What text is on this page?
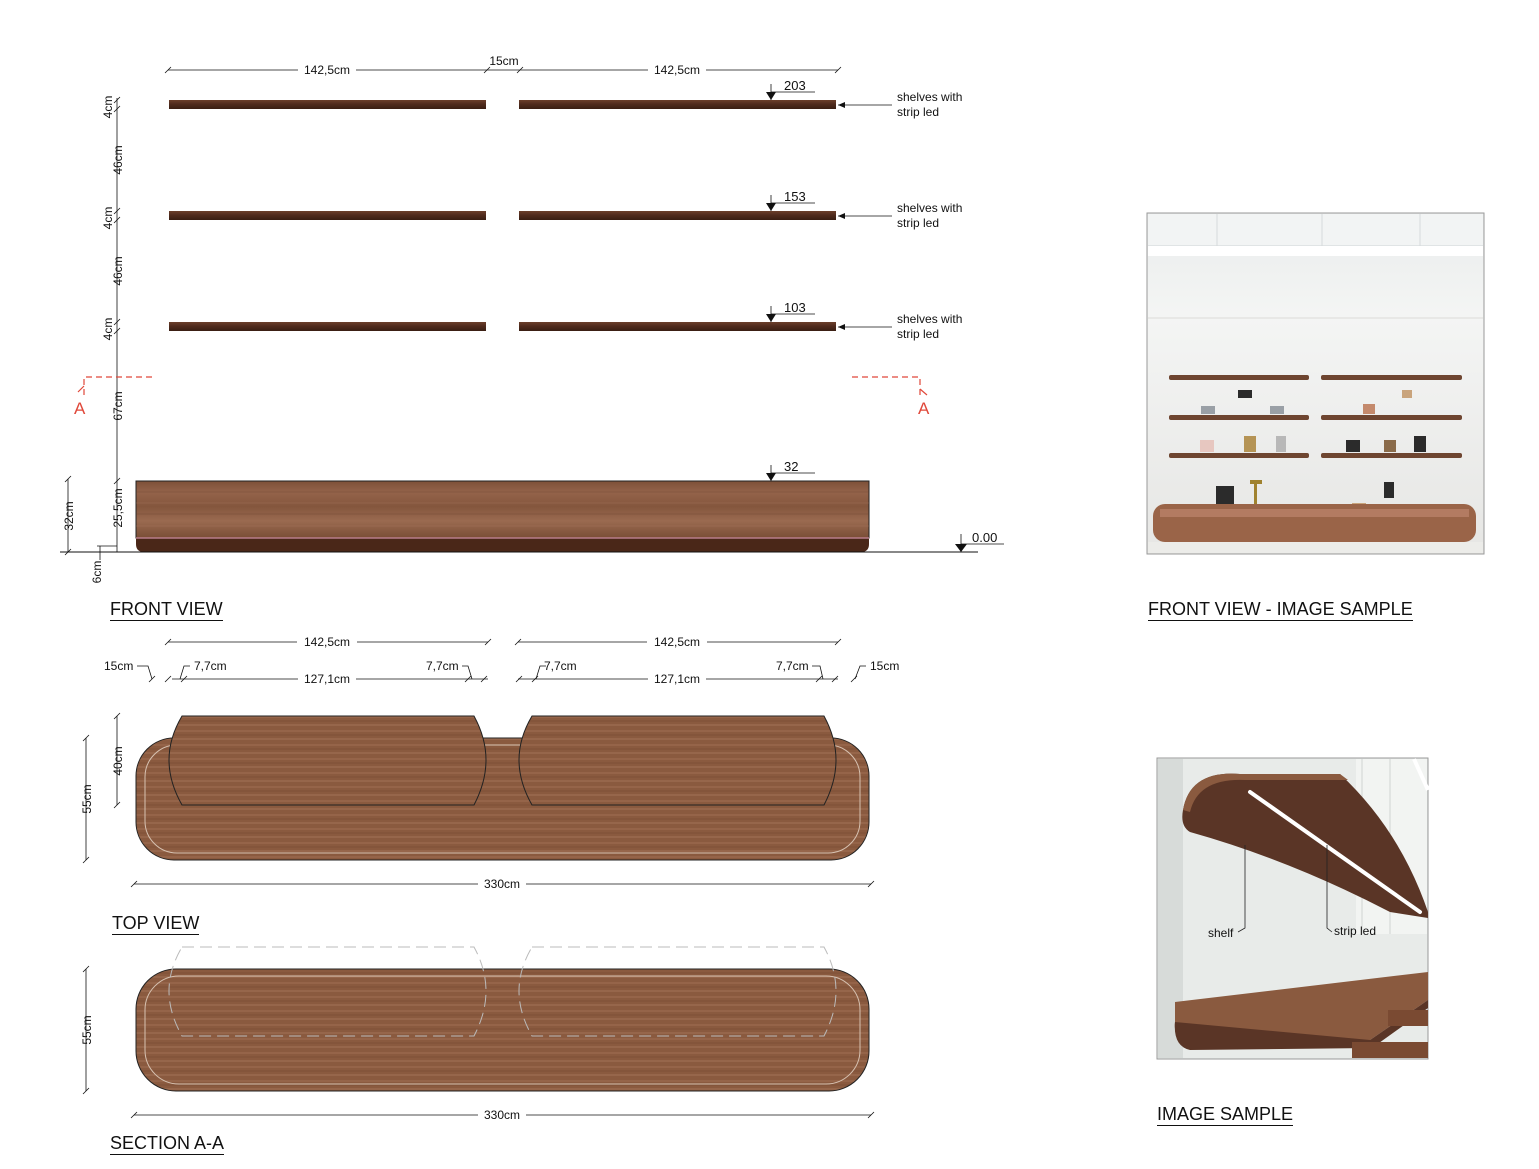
142,5cm
15cm
142,5cm
203
153
103
shelves with
strip led
shelves with
strip led
shelves with
strip led
4cm
46cm
4cm
46cm
4cm
67cm
32cm	25,5cm
6cm
A	A
32
0.00
142,5cm	142,5cm
15cm	7,7cm
127,1cm
7,7cm	7,7cm
127,1cm
7,7cm	15cm
40cm
55cm
330cm
55cm
330cm
shelf	strip led
FRONT VIEW
TOP VIEW
SECTION A-A
FRONT VIEW - IMAGE SAMPLE
IMAGE SAMPLE
